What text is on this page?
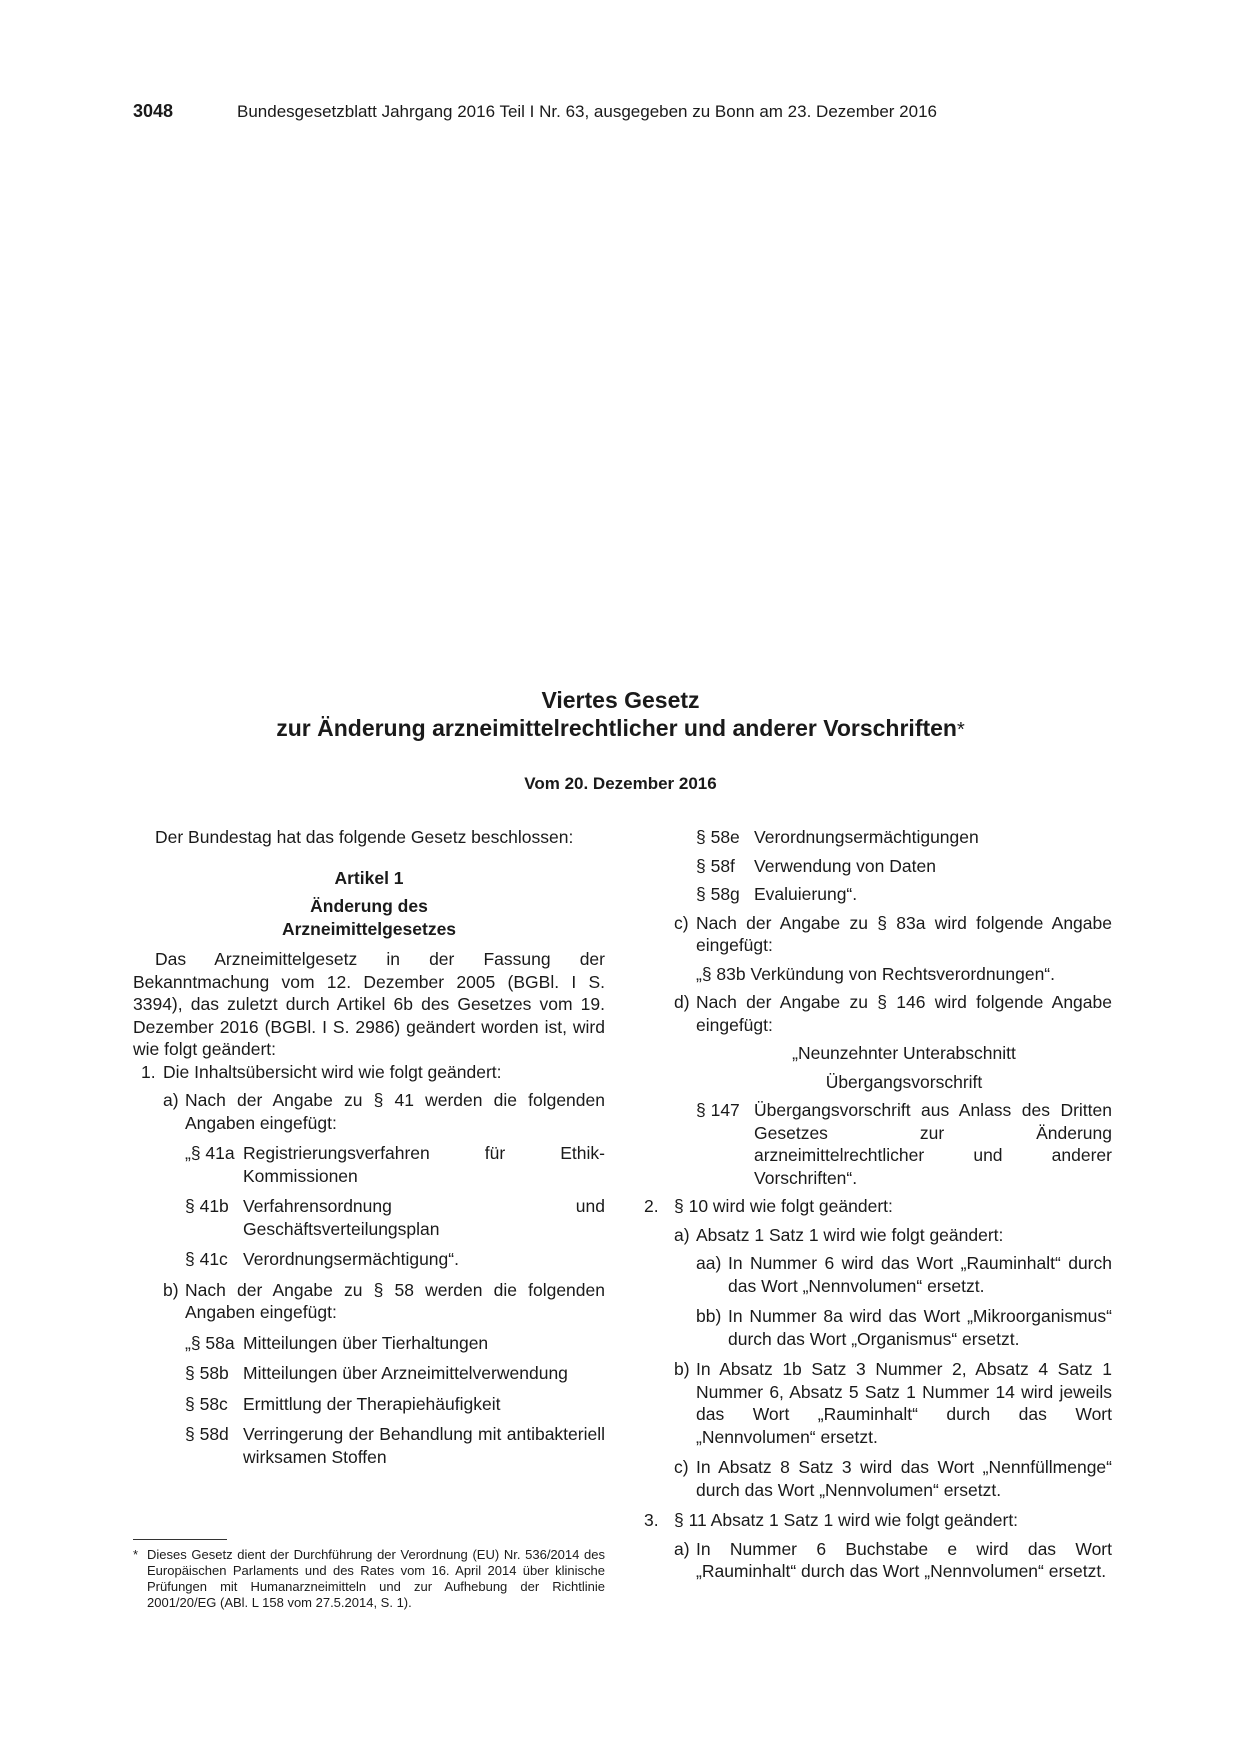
3048	Bundesgesetzblatt Jahrgang 2016 Teil I Nr. 63, ausgegeben zu Bonn am 23. Dezember 2016

Viertes Gesetz

zur Änderung arzneimittelrechtlicher und anderer Vorschriften*

Vom 20. Dezember 2016

Der Bundestag hat das folgende Gesetz beschlossen:

Artikel 1

Änderung des

Arzneimittelgesetzes

Das Arzneimittelgesetz in der Fassung der Bekanntmachung vom 12. Dezember 2005 (BGBl. I S. 3394), das zuletzt durch Artikel 6b des Gesetzes vom 19. Dezember 2016 (BGBl. I S. 2986) geändert worden ist, wird wie folgt geändert:

1. Die Inhaltsübersicht wird wie folgt geändert:
a) Nach der Angabe zu § 41 werden die folgenden Angaben eingefügt:
„§ 41a Registrierungsverfahren für Ethik-Kommissionen
§ 41b Verfahrensordnung und Geschäftsverteilungsplan
§ 41c Verordnungsermächtigung“.
b) Nach der Angabe zu § 58 werden die folgenden Angaben eingefügt:
„§ 58a Mitteilungen über Tierhaltungen
§ 58b Mitteilungen über Arzneimittelverwendung
§ 58c Ermittlung der Therapiehäufigkeit
§ 58d Verringerung der Behandlung mit antibakteriell wirksamen Stoffen
§ 58e Verordnungsermächtigungen
§ 58f	Verwendung von Daten
§ 58g Evaluierung“.
c) Nach der Angabe zu § 83a wird folgende Angabe eingefügt:
„§ 83b Verkündung von Rechtsverordnungen“.
d) Nach der Angabe zu § 146 wird folgende Angabe eingefügt:

„Neunzehnter Unterabschnitt

Übergangsvorschrift

§ 147 Übergangsvorschrift aus Anlass des Dritten Gesetzes zur Änderung arzneimittelrechtlicher und anderer Vorschriften“.
2. § 10 wird wie folgt geändert:
a) Absatz 1 Satz 1 wird wie folgt geändert:
aa) In Nummer 6 wird das Wort „Rauminhalt“ durch das Wort „Nennvolumen“ ersetzt.
bb) In Nummer 8a wird das Wort „Mikroorganismus“ durch das Wort „Organismus“ ersetzt.
b) In Absatz 1b Satz 3 Nummer 2, Absatz 4 Satz 1 Nummer 6, Absatz 5 Satz 1 Nummer 14 wird jeweils das Wort „Rauminhalt“ durch das Wort „Nennvolumen“ ersetzt.
c) In Absatz 8 Satz 3 wird das Wort „Nennfüllmenge“ durch das Wort „Nennvolumen“ ersetzt.
3. § 11 Absatz 1 Satz 1 wird wie folgt geändert:
a) In Nummer 6 Buchstabe e wird das Wort „Rauminhalt“ durch das Wort „Nennvolumen“ ersetzt.
* Dieses Gesetz dient der Durchführung der Verordnung (EU) Nr. 536/2014 des Europäischen Parlaments und des Rates vom 16. April 2014 über klinische Prüfungen mit Humanarzneimitteln und zur Aufhebung der Richtlinie 2001/20/EG (ABl. L 158 vom 27.5.2014, S. 1).
